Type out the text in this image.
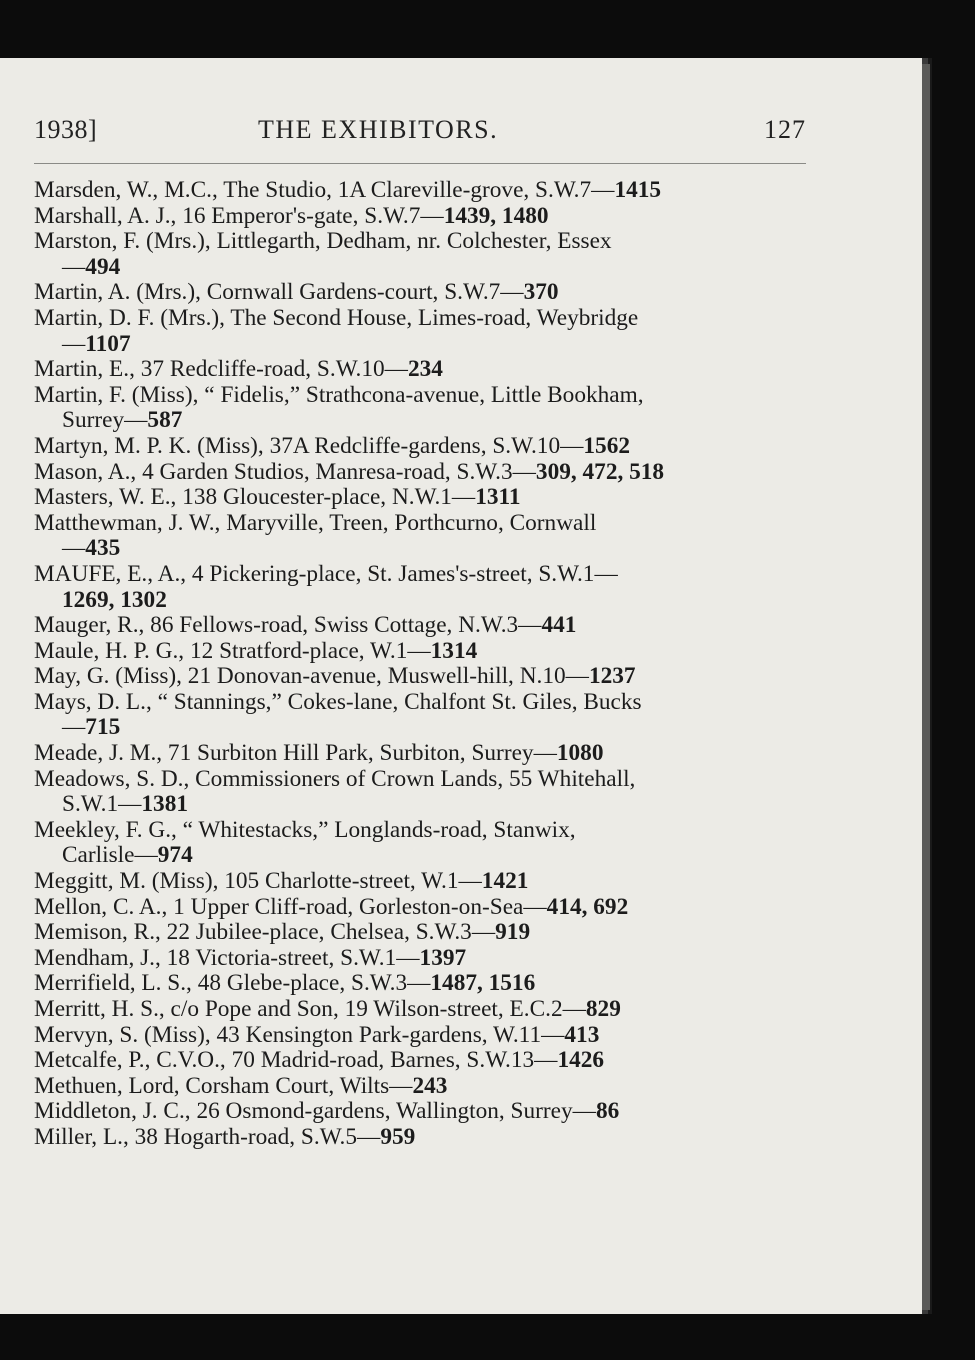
1938]	THE EXHIBITORS.	127
Marsden, W., M.C., The Studio, 1A Clareville-grove, S.W.7—1415
Marshall, A. J., 16 Emperor's-gate, S.W.7—1439, 1480
Marston, F. (Mrs.), Littlegarth, Dedham, nr. Colchester, Essex
—494
Martin, A. (Mrs.), Cornwall Gardens-court, S.W.7—370
Martin, D. F. (Mrs.), The Second House, Limes-road, Weybridge
—1107
Martin, E., 37 Redcliffe-road, S.W.10—234
Martin, F. (Miss), “ Fidelis,” Strathcona-avenue, Little Bookham,
Surrey—587
Martyn, M. P. K. (Miss), 37A Redcliffe-gardens, S.W.10—1562
Mason, A., 4 Garden Studios, Manresa-road, S.W.3—309, 472, 518
Masters, W. E., 138 Gloucester-place, N.W.1—1311
Matthewman, J. W., Maryville, Treen, Porthcurno, Cornwall
—435
MAUFE, E., A., 4 Pickering-place, St. James's-street, S.W.1—
1269, 1302
Mauger, R., 86 Fellows-road, Swiss Cottage, N.W.3—441
Maule, H. P. G., 12 Stratford-place, W.1—1314
May, G. (Miss), 21 Donovan-avenue, Muswell-hill, N.10—1237
Mays, D. L., “ Stannings,” Cokes-lane, Chalfont St. Giles, Bucks
—715
Meade, J. M., 71 Surbiton Hill Park, Surbiton, Surrey—1080
Meadows, S. D., Commissioners of Crown Lands, 55 Whitehall,
S.W.1—1381
Meekley, F. G., “ Whitestacks,” Longlands-road, Stanwix,
Carlisle—974
Meggitt, M. (Miss), 105 Charlotte-street, W.1—1421
Mellon, C. A., 1 Upper Cliff-road, Gorleston-on-Sea—414, 692
Memison, R., 22 Jubilee-place, Chelsea, S.W.3—919
Mendham, J., 18 Victoria-street, S.W.1—1397
Merrifield, L. S., 48 Glebe-place, S.W.3—1487, 1516
Merritt, H. S., c/o Pope and Son, 19 Wilson-street, E.C.2—829
Mervyn, S. (Miss), 43 Kensington Park-gardens, W.11—413
Metcalfe, P., C.V.O., 70 Madrid-road, Barnes, S.W.13—1426
Methuen, Lord, Corsham Court, Wilts—243
Middleton, J. C., 26 Osmond-gardens, Wallington, Surrey—86
Miller, L., 38 Hogarth-road, S.W.5—959
